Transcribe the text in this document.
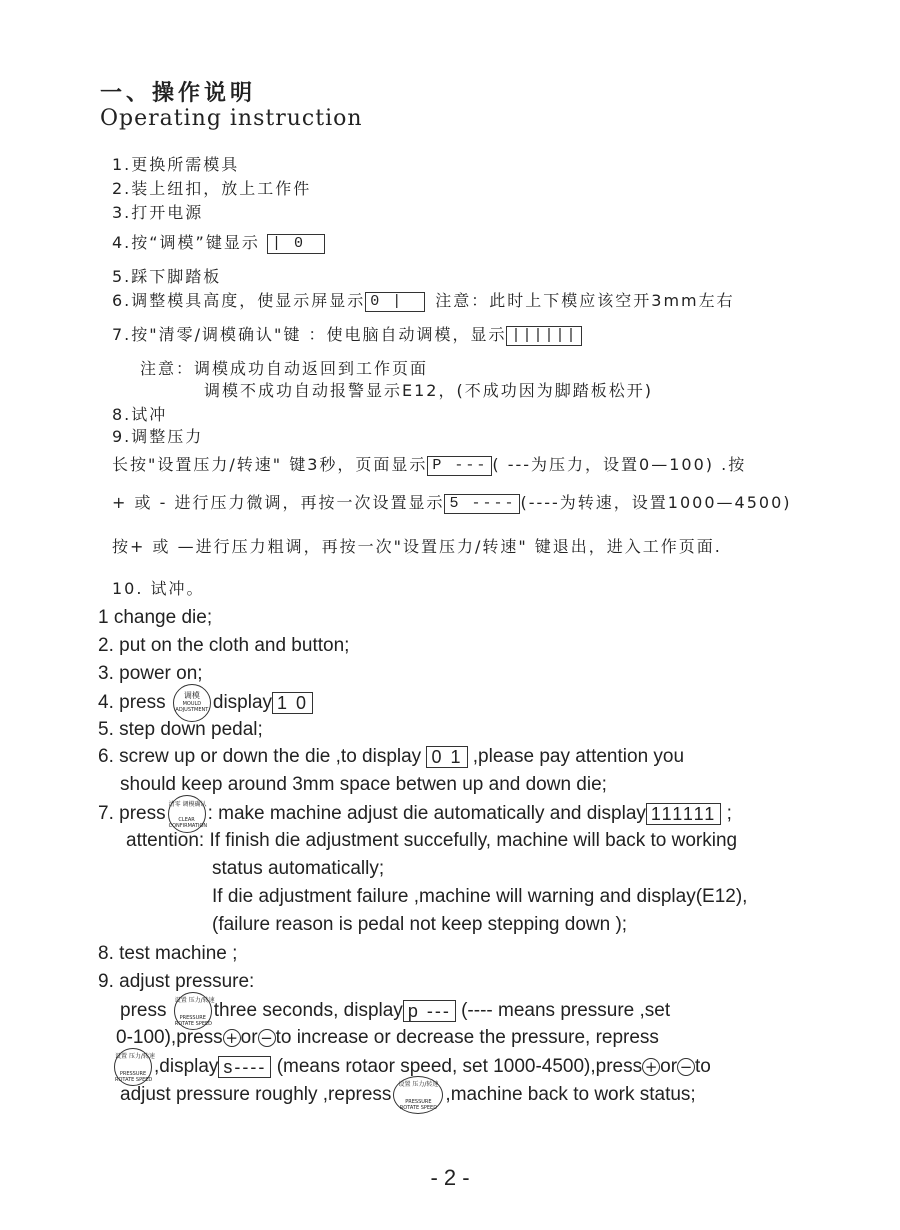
一、操作说明
Operating instruction
1.更换所需模具
2.装上纽扣，放上工作件
3.打开电源
4.按“调模”键显示 | 0
5.踩下脚踏板
6.调整模具高度，使显示屏显示 0 | 注意：此时上下模应该空开3mm左右
7.按"清零/调模确认"键 ：使电脑自动调模，显示 ||||||
注意：调模成功自动返回到工作页面
调模不成功自动报警显示E12，(不成功因为脚踏板松开)
8.试冲
9.调整压力
长按"设置压力/转速" 键3秒，页面显示 P --- ( ---为压力，设置0—100) .按
+ 或 - 进行压力微调，再按一次设置显示 5 ---- (----为转速，设置1000—4500)
按+ 或 —进行压力粗调，再按一次"设置压力/转速" 键退出，进入工作页面.
10. 试冲。
1 change die;
2. put on the cloth and button;
3. power on;
4. press	调模
MOULD
ADJUSTMENT display 1 0
5. step down pedal;
6. screw up or down the die ,to display 0 1 ,please pay attention you
should keep around 3mm space betwen up and down die;
7. press 清零 调模确认
CLEAR
CONFIRMATION
: make machine adjust die automatically and display 111111 ;
attention: If finish die adjustment succefully, machine will back to working
status automatically;
If die adjustment failure ,machine will warning and display(E12),
(failure reason is pedal not keep stepping down );
8. test machine ;
9. adjust pressure:
press 设置 压力/转速
PRESSURE
ROTATE SPEED
three seconds, display p --- (---- means pressure ,set
0-100),press + or − to increase or decrease the pressure, repress
设置 压力/转速
PRESSURE
ROTATE SPEED
,display s---- (means rotaor speed, set 1000-4500),press + or − to
adjust pressure roughly ,repress	设置 压力/转速
PRESSURE
ROTATE SPEED
,machine back to work status;
- 2 -
